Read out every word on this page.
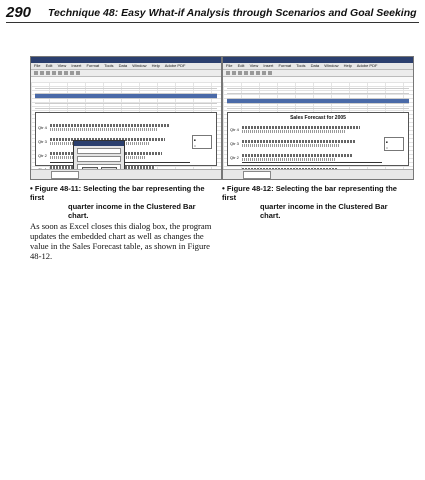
290 Technique 48: Easy What-if Analysis through Scenarios and Goal Seeking
File Edit View Insert Format Tools Data Window Help Adobe PDF
Qtr 4
Qtr 3
Qtr 2
■
□
File Edit View Insert Format Tools Data Window Help Adobe PDF
Sales Forecast for 2005
Qtr 4
Qtr 3
Qtr 2
■
□
• Figure 48-11: Selecting the bar representing the first
quarter income in the Clustered Bar chart.
• Figure 48-12: Selecting the bar representing the first
quarter income in the Clustered Bar chart.

As soon as Excel closes this dialog box, the program updates the embedded chart as well as changes the value in the Sales Forecast table, as shown in Figure 48-12.
